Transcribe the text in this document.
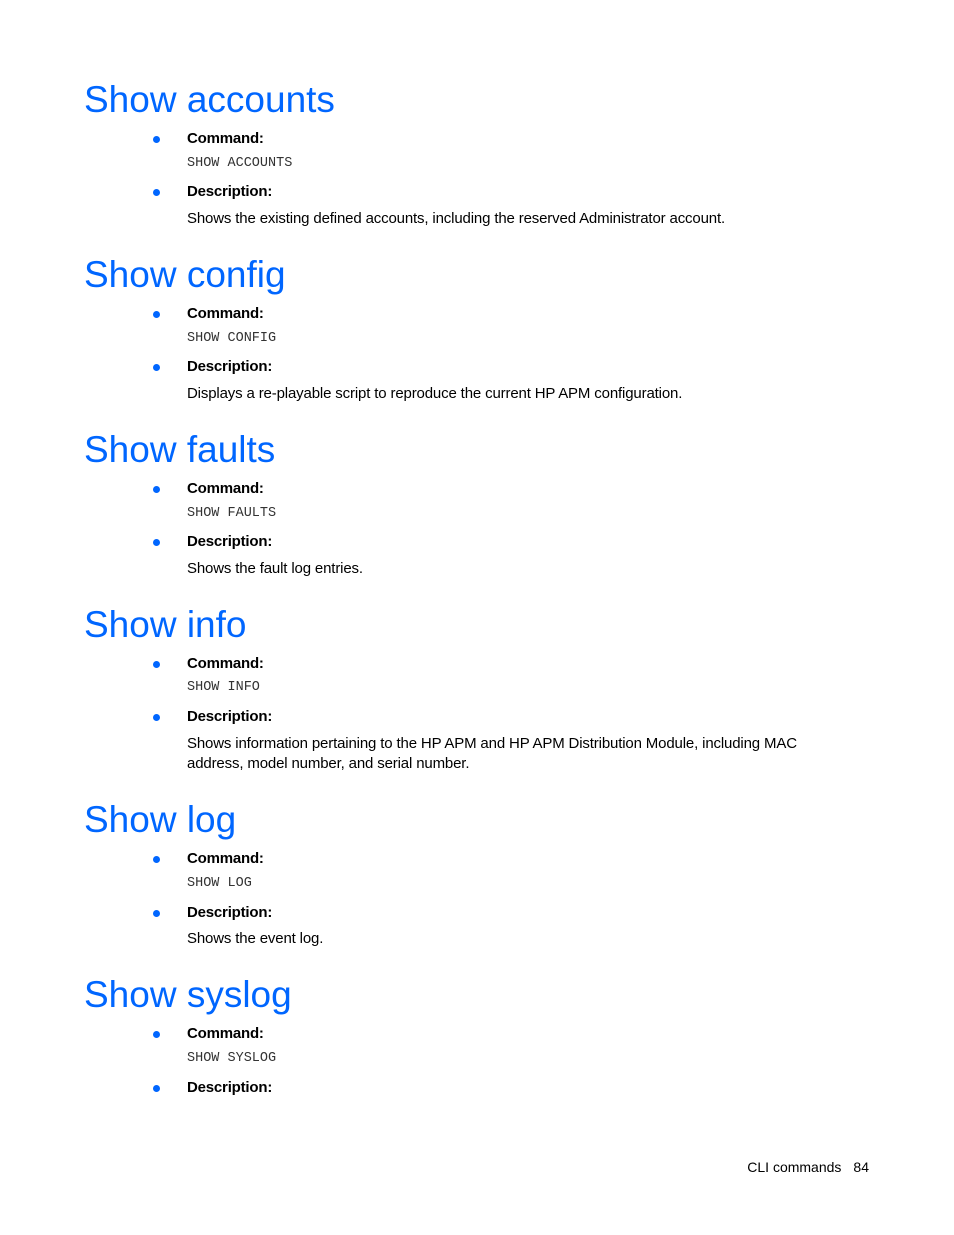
Show accounts
Command:
SHOW ACCOUNTS
Description:
Shows the existing defined accounts, including the reserved Administrator account.
Show config
Command:
SHOW CONFIG
Description:
Displays a re-playable script to reproduce the current HP APM configuration.
Show faults
Command:
SHOW FAULTS
Description:
Shows the fault log entries.
Show info
Command:
SHOW INFO
Description:
Shows information pertaining to the HP APM and HP APM Distribution Module, including MAC address, model number, and serial number.
Show log
Command:
SHOW LOG
Description:
Shows the event log.
Show syslog
Command:
SHOW SYSLOG
Description:
CLI commands 84
